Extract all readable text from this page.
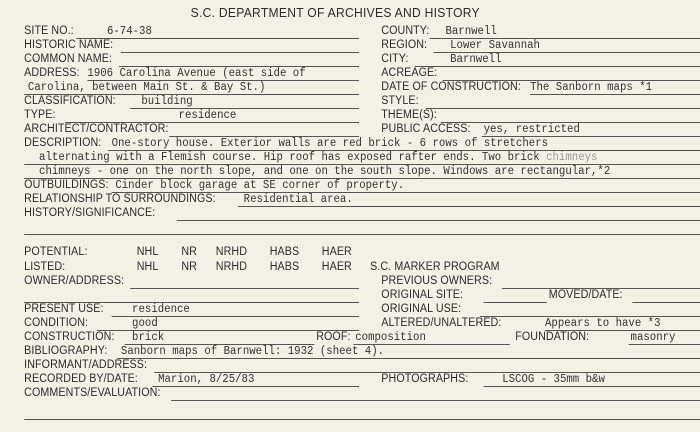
S.C. DEPARTMENT OF ARCHIVES AND HISTORY
SITE NO.:	6-74-38	COUNTY: Barnwell
HISTORIC NAME:	REGION: Lower Savannah
COMMON NAME:	CITY:	Barnwell
ADDRESS: 1906 Carolina Avenue (east side of	ACREAGE:
Carolina, between Main St. & Bay St.)	DATE OF CONSTRUCTION: The Sanborn maps *1
CLASSIFICATION: building	STYLE:
TYPE:	residence	THEME(S):
ARCHITECT/CONTRACTOR:	PUBLIC ACCESS: yes, restricted
DESCRIPTION: One-story house. Exterior walls are red brick - 6 rows of stretchers
alternating with a Flemish course. Hip roof has exposed rafter ends. Two brick chimneys
chimneys - one on the north slope, and one on the south slope. Windows are rectangular,*2
OUTBUILDINGS: Cinder block garage at SE corner of property.
RELATIONSHIP TO SURROUNDINGS: Residential area.
HISTORY/SIGNIFICANCE:
POTENTIAL:	NHL NR NRHD HABS HAER
LISTED:	NHL NR NRHD HABS HAER S.C. MARKER PROGRAM
OWNER/ADDRESS:	PREVIOUS OWNERS:
ORIGINAL SITE:	MOVED/DATE:
PRESENT USE: residence	ORIGINAL USE:
CONDITION:	good	ALTERED/UNALTERED:	Appears to have *3
CONSTRUCTION: brick	ROOF: composition	FOUNDATION:	masonry
BIBLIOGRAPHY: Sanborn maps of Barnwell: 1932 (sheet 4).
INFORMANT/ADDRESS:
RECORDED BY/DATE: Marion, 8/25/83	PHOTOGRAPHS:	LSCOG - 35mm b&w
COMMENTS/EVALUATION:
